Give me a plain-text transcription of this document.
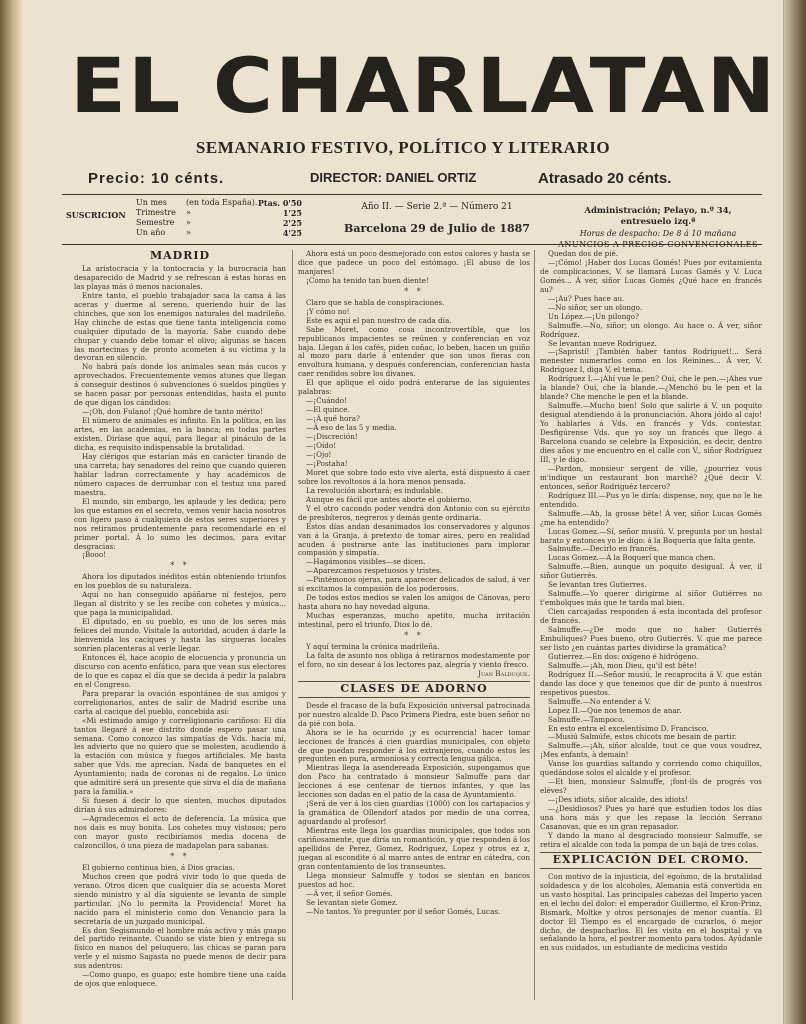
EL CHARLATAN
SEMANARIO FESTIVO, POLÍTICO Y LITERARIO
Precio: 10 cénts.	DIRECTOR: DANIEL ORTIZ	Atrasado 20 cénts.
SUSCRICION
Un mes (en toda España). Ptas. 0'50
Trimestre »	1'25
Semestre »	2'25
Un año	»	4'25
Año II. — Serie 2.ª — Número 21
Barcelona 29 de Julio de 1887
Administración; Pelayo, n.º 34, entresuelo izq.ª
Horas de despacho: De 8 á 10 mañana
MADRID

La aristocracia y la tontocracia y la burocracia han desaparecido de Madrid y se refrescan á estas horas en las playas más ó menos nacionales.

Entre tanto, el pueblo trabajador saca la cama á las aceras y duerme al sereno, queriendo huir de las chinches, que son los enemigos naturales del madrileño. Hay chinche de estas que tiene tanta inteligencia como cualquier diputado de la mayoría. Sabe cuando debe chupar y cuando debe tomar el olivo; algunas se hacen las mortecinas y de pronto acometen á su víctima y la devoran en silencio.

No habrá país donde los animales sean más cucos y aprovechados. Frecuentemente vemos atunes que llegan á conseguir destinos ó subvenciones ó sueldos pingües y se hacen pasar por personas entendidas, hasta el punto de que digan los cándidos:

—¡Oh, don Fulano! ¡Qué hombre de tanto mérito!

El número de animales es infinito. En la política, en las artes, en las academias, en la banca; en todas partes existen. Diríase que aquí, para llegar al pináculo de la dicha, es requisito indispensable la brutalidad.

Hay clérigos que estarían más en carácter tirando de una carreta; hay senadores del reino que cuando quieren hablar ladran correctamente y hay académicos de número capaces de derrumbar con el testuz una pared maestra.

El mundo, sin embargo, les aplaude y les dedica; pero los que estamos en el secreto, vemos venir hacia nosotros con ligero paso á cualquiera de estos seres superiores y nos retiramos prudentemente para recomendarle en el primer portal. Á lo sumo les decimos, para evitar desgracias:

¡Booo!

* *

Ahora los diputados inéditos están obteniendo triunfos en los pueblos de su naturaleza.

Aquí no han conseguido apáñarse ni festejos, pero llegan al distrito y se les recibe con cohetes y música... que paga la municipalidad.

El diputado, en su pueblo, es uno de los seres más felices del mundo. Visitale la autoridad, acuden á darle la bienvenida los caciques y hasta las sirgueras locales sonríen placenteras al verle llegar.

Entonces él, hace acopio de elocuencia y pronuncia un discurso con acento enfático, para que vean sus electores de lo que es capaz el día que se decida á pedir la palabra en el Congreso.

Para preparar la ovación espontánea de sus amigos y correligionarios, antes de salir de Madrid escribe una carta al cacique del pueblo, concebida así:

«Mi estimado amigo y correligionario cariñoso: El día tantos llegaré á ese distrito donde espero pasar una semana. Como conozco las simpatías de Vds. hacia mí, les advierto que no quiero que se molesten, acudiendo á la estación con música y fuegos artificiales. Me basta saber que Vds. me aprecian. Nada de banquetes en el Ayuntamiento; nada de coronas ni de regalos. Lo único que admitiré será un presente que sirva el día de mañana para la familia.»

Si fuesen á decir lo que sienten, muchos diputados dirían á sus admiradores:

—Agradecemos el acto de deferencia. La música que nos dais es muy bonita. Los cohetes muy vistosos; pero con mayor gusto recibiríamos media docena de calzoncillos, ó una pieza de madapolan para sabanas.

* *

El gobierno continua bien, á Dios gracias.

Muchos creen que podrá vivir todo lo que queda de verano. Otros dicen que cualquier día se acuesta Moret siendo ministro y al día siguiente se levanta de simple particular. ¡No lo permita la Providencia! Moret ha nacido para el ministerio como don Venancio para la secretaría de un juzgado municipal.

Es don Segismundo el hombre más activo y más guapo del partido reinante. Cuando se viste bien y entrega su físico en manos del peluquero, las chicas se paran para verle y el mismo Sagasta no puede menos de decir para sus adentros:

—Como guapo, es guapo; este hombre tiene una caída de ojos que enloquece.

Ahora está un poco desmejorado con estos calores y hasta se dice que padece un poco del estómago. ¡El abuso de los manjares!

¡Como ha tenido tan buen diente!

* *

Claro que se habla de conspiraciones.

¡Y cómo no!

Este es aquí el pan nuestro de cada día.

Sabe Moret, como cosa incontrovertible, que los republicanos impacientes se reúnen y conferencian en voz baja. Llegan á los cafés, piden coñac, lo beben, hacen un guiño al mozo para darle á entender que son unos fieras con envoltura humana, y después conferencian, conferencian hasta caer rendidos sobre los divanes.

El que aplique el oído podrá enterarse de las siguientes palabras:

—¡Cuándo!

—El quince.

—¡Á qué hora?

—Á eso de las 5 y media.

—¡Discreción!

—¡Oído!

—¡Ojo!

—¡Postaha!

Moret que sobre todo esto vive alerta, está dispuesto á caer sobre los revoltosos á la hora menos pensada.

La revolución abortará; es indudable.

Aunque es fácil que antes aborte el gobierno.

Y el otro cacondo poder vendrá don Antonio con su ejército de presbíteros, negreros y demás gente ordinaria.

Estos días andan desanimados los conservadores y algunos van á la Granja, á pretexto de tomar aires, pero en realidad acuden á postrarse ante las instituciones para implorar compasión y simpatía.

—Hagámonos visibles—se dicen.

—Aparezcamos respetuosos y tristes.

—Pintémonos ojeras, para aparecer delicados de salud, á ver si excitamos la compasión de los poderosos.

De todos estos medios se valen los amigos de Cánovas, pero hasta ahora no hay novedad alguna.

Muchas esperanzas, mucho apetito, mucha irritación intestinal, pero el triunfo, Dios lo dé.

* *

Y aquí termina la crónica madrileña.

La falta de asunto nos obliga á retirarnos modestamente por el foro, no sin desear á los lectores paz, alegría y viento fresco.

Juan Balduque.
CLASES DE ADORNO

Desde el fracaso de la bufa Exposición universal patrocinada por nuestro alcalde D. Paco Primera Piedra, este buen señor no da pié con bola.

Ahora se le ha ocurrido ¡y es ocurrencia! hacer tomar lecciones de francés á cien guardias municipales, con objeto de que puedan responder á los extranjeros, cuando estos les pregunten en pura, armoniosa y correcta lengua gálica.

Mientras llega la asendereada Exposición, supongamos que don Paco ha contratado á monsieur Salmuffe para dar lecciones á ese centenar de tiernos infantes, y que las lecciones son dadas en el patio de la casa de Ayuntamiento.

¡Será de ver á los cien guardias (1000) con los cartapacios y la gramática de Ollendorf atados por medio de una correa, aguardando al profesor!

Mientras este llega los guardias municipales, que todos son cariñosamente, que diría un romanticón, y que responden á los apellidos de Perez, Gomez, Rodriguez, Lopez y otros ez z, juegan al escondite ó al marro antes de entrar en cátedra, con gran contentamiento de los transeuntes.

Llega monsieur Salmuffe y todos se sientan en bancos puestos ad hoc.

—Á ver, il señor Gomés.

Se levantan siete Gomez.

—No tantos. Yo pregunter por il señor Gomés, Lucas.

Quedan dos de pié.

—¡Cómo! ¡Haber dos Lucas Gomés! Pues por evitamienta de complicaciones, V. se llamará Lucas Gamés y V. Luca Gomés... Á ver, siñor Lucas Gomés ¿Qué hace en francés au?

—¡Au? Pues hace au.

—No siñor, ser un olongo.

Un López.—¡Un pilongo?

Salmuffe.—No, siñor; un olongo. Au hace o. Á ver, siñor Rodríguez.

Se levantan nueve Rodriguez.

—¡Sapristí! ¡También haber tantos Rodriguet!... Será menester numerarlos como en los Reinines... Á ver, V. Rodriguez I, diga V, el tema.

Rodríguez I.—¡Ahí vue le pen? Oui, che le pen.—¡Ahes vue la blande? Oui, che la blande.—¿Menchó bu le pen et la blande? Che menche le pen et la blande.

Salmuffe.—Mucho bien! Solo que salirle á V. un poquito desigual atendiendo á la pronunciación. Ahora jóido al cajo! Yo hablarles á Vds. en francés y Vds. contestar. Desfigúrense Vds. que yo soy un francés que llego á Barcelona cuando se celebre la Exposición, es decir, dentro dies años y me encuentro en el calle con V., siñor Rodríguez III, y le digo.

—Pardon, monsieur sergent de ville, ¿pourriez vous m'indique un restaurant bon marché? ¿Qué decir V. entonces, señor Rodriguéz tercero?

Rodríguez III.—Pus yo le diría: dispense, noy, que no le he entendido.

Salmuffe.—Ah, la grosse bête! Á ver, siñor Lucas Gomés ¿me ha entendido?

Lucas Gomez.—Sí, señor musiú. V. pregunta por un hostal barato y entonces yo le digo: á la Boquería que falta gente.

Salmuffe.—Decirlo en francés.

Lucas Gomez.—Á la Boquerí que manca chen.

Salmuffe.—Bien, aunque un poquito desigual. Á ver, il siñor Gutierrés.

Se levantan tres Gutierres.

Salmuffe.—Yo querer dirigirme al siñor Gutiérres no t'embolques más que te tarda mal bien.

Cien carcajadas responden á esta incontada del profesor de francés.

Salmuffe.—¿De modo que no haber Gutierrés Embuliques? Pues bueno, otro Gutierrés. V. que me parece ser listo ¿en cuántas partes dividirse la gramática?

Gutierrez.—En dos: oxígeno é hidrógeno.

Salmuffe.—¡Ah, mon Dieu, qu'il est bête!

Rodríguez II.—Señor musiú, le recaprocita á V. que están dando las doce y que tenemos que dir de punto á nuestros respetivos puestos.

Salmuffe.—No entender á V.

Lopez II.—Que nos tenemos de anar.

Salmuffe.—Tampoco.

En esto entra el excelentísimo D. Francisco.

—Musiú Salmúfe, estos chicots me besain de partir.

Salmuffe.—¡Ah, siñor alcalde, tout ce que vous voudrez, ¡Mes enfants, à demain!

Vanse los guardias saltando y corriendo como chiquillos, quedándose solos el alcalde y el profesor.

—Et bien, monsieur Salmuffe, ¡font-ils de progrés vos eléves?

—¡Des idiots, siñor alcalde, des idiots!

—¿Desidiosos? Pues yo haré que estudien todos los días una hora más y que les repase la lección Serrano Casanovas, que es un gran repasador.

Y dando la mano al desgraciado monsieur Salmuffe, se retira el alcalde con toda la pompa de un bajá de tres colas.

EXPLICACIÓN DEL CROMO.

Con motivo de la injusticia, del egoísmo, de la brutalidad soldadesca y de los alcoholes, Alemania está convertida en un vasto hospital. Las principales cabezas del Imperio yacen en el lecho del dolor: el emperador Guillermo, el Kron-Prinz, Bismark, Moltke y otros personajes de menor cuantía. El doctor El Tiempo es el encargado de curarlos, ó mejor dicho, de despacharlos. El les visita en el hospital y va señalando la hora, el postrer momento para todos. Ayúdanle en sus cuidados, un estudiante de medicina vestido
